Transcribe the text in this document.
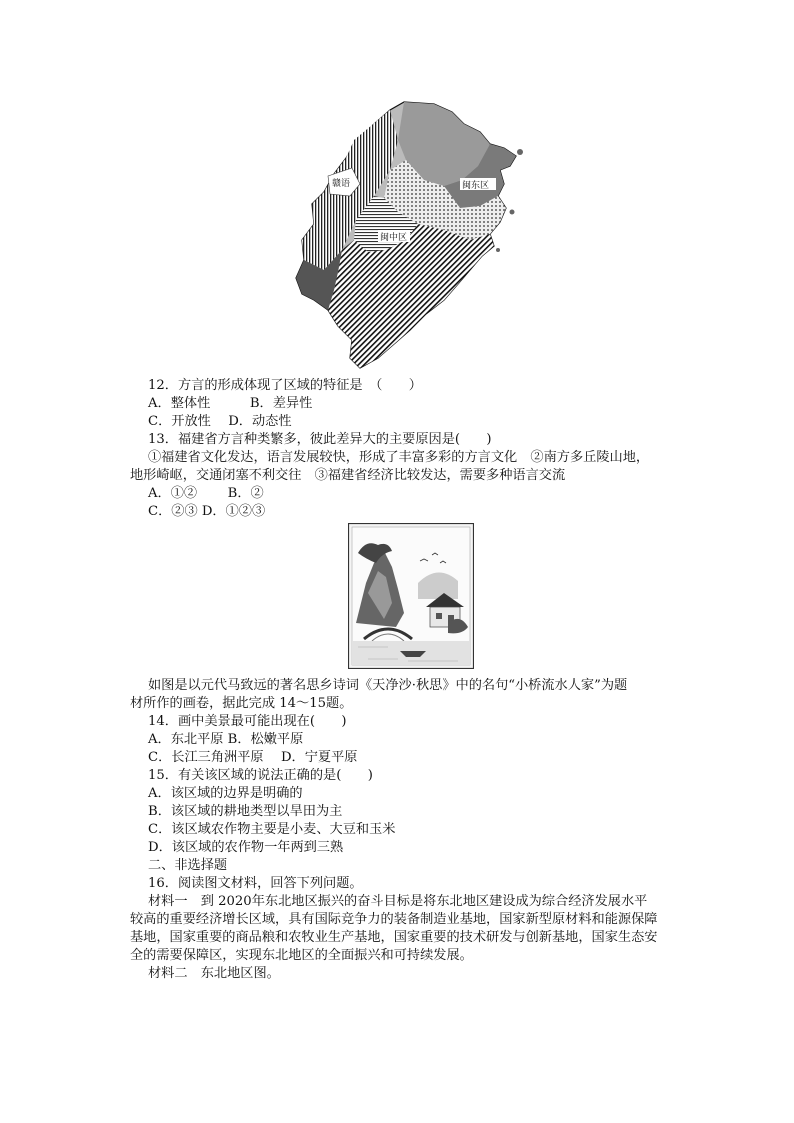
闽东区
闽中区
赣语
12．方言的形成体现了区域的特征是　（　　）
A．整体性　　　B．差异性
C．开放性　 D．动态性
13．福建省方言种类繁多，彼此差异大的主要原因是(　　)
①福建省文化发达，语言发展较快，形成了丰富多彩的方言文化　②南方多丘陵山地，
地形崎岖，交通闭塞不利交往　③福建省经济比较发达，需要多种语言交流
A．①②　　 B．②
C．②③ D．①②③
如图是以元代马致远的著名思乡诗词《天净沙·秋思》中的名句“小桥流水人家”为题
材所作的画卷，据此完成 14～15题。
14．画中美景最可能出现在(　　)
A．东北平原 B．松嫩平原
C．长江三角洲平原　 D．宁夏平原
15．有关该区域的说法正确的是(　　)
A．该区域的边界是明确的
B．该区域的耕地类型以旱田为主
C．该区域农作物主要是小麦、大豆和玉米
D．该区域的农作物一年两到三熟
二、非选择题
16．阅读图文材料，回答下列问题。
材料一　到 2020年东北地区振兴的奋斗目标是将东北地区建设成为综合经济发展水平
较高的重要经济增长区域，具有国际竞争力的装备制造业基地，国家新型原材料和能源保障
基地，国家重要的商品粮和农牧业生产基地，国家重要的技术研发与创新基地，国家生态安
全的需要保障区，实现东北地区的全面振兴和可持续发展。
材料二　东北地区图。
